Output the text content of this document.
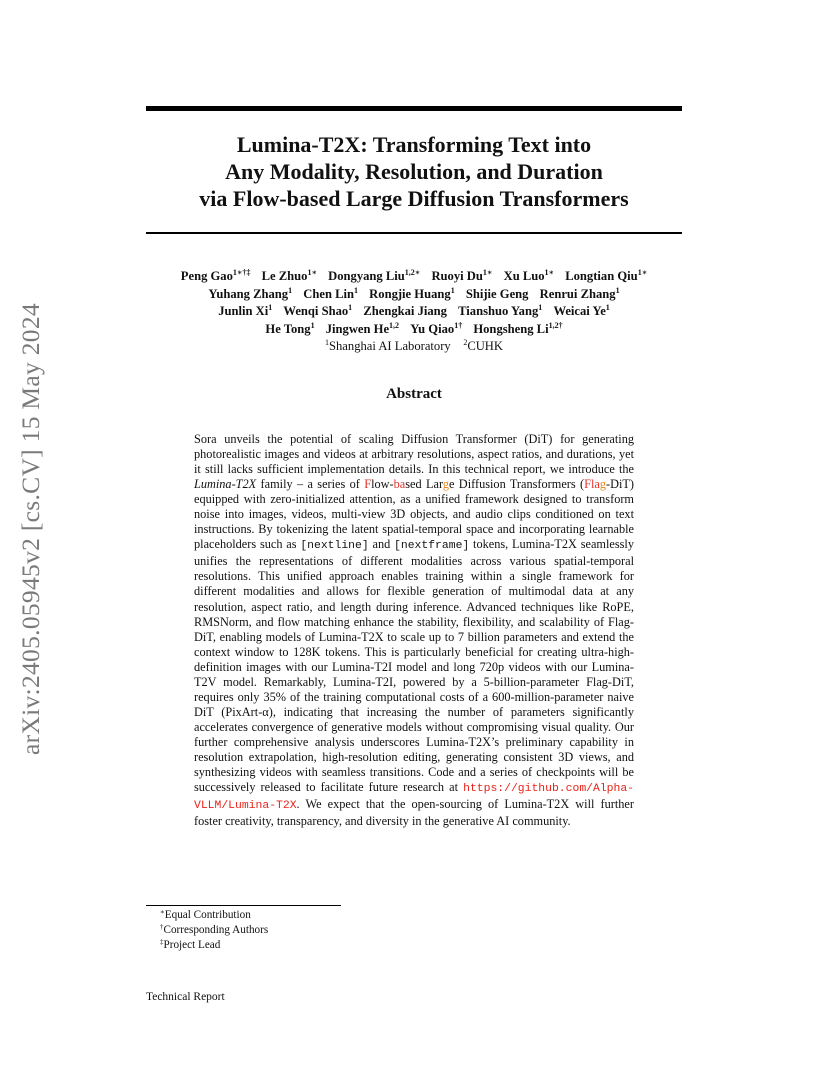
arXiv:2405.05945v2 [cs.CV] 15 May 2024
Lumina-T2X: Transforming Text into
Any Modality, Resolution, and Duration
via Flow-based Large Diffusion Transformers
Peng Gao$^{1∗\dagger\ddagger}$ Le Zhuo$^{1∗}$ Dongyang Liu$^{1,2∗}$ Ruoyi $Du^{1∗}$ Xu Luo$^{1∗}$ Longtian Qiu$^{1∗}$
Yuhang Zhang$^1$ Chen Lin$^1$ Rongjie Huang$^1$ Shijie Geng Renrui Zhang$^1$
Junlin Xi$^1$ Wenqi Shao$^1$ Zhengkai Jiang Tianshuo Yang$^1$ Weicai Ye$^1$
He Tong$^1$ Jingwen He$^{1,2}$ Yu Qiao$^{1\dagger}$ Hongsheng $Li^{1,2\dagger}$
$^1$Shanghai AI Laboratory $^2$CUHK
Abstract
Sora unveils the potential of scaling Diffusion Transformer (DiT) for generating photorealistic images and videos at arbitrary resolutions, aspect ratios, and durations, yet it still lacks sufficient implementation details. In this technical report, we introduce the Lumina-T2X family – a series of Flow-based Large Diffusion Transformers (Flag-DiT) equipped with zero-initialized attention, as a unified framework designed to transform noise into images, videos, multi-view 3D objects, and audio clips conditioned on text instructions. By tokenizing the latent spatial-temporal space and incorporating learnable placeholders such as [nextline] and [nextframe] tokens, Lumina-T2X seamlessly unifies the representations of different modalities across various spatial-temporal resolutions. This unified approach enables training within a single framework for different modalities and allows for flexible generation of multimodal data at any resolution, aspect ratio, and length during inference. Advanced techniques like RoPE, RMSNorm, and flow matching enhance the stability, flexibility, and scalability of Flag-DiT, enabling models of Lumina-T2X to scale up to 7 billion parameters and extend the context window to 128K tokens. This is particularly beneficial for creating ultra-high-definition images with our Lumina-T2I model and long 720p videos with our Lumina-T2V model. Remarkably, Lumina-T2I, powered by a 5-billion-parameter Flag-DiT, requires only 35% of the training computational costs of a 600-million-parameter naive DiT (PixArt-α), indicating that increasing the number of parameters significantly accelerates convergence of generative models without compromising visual quality. Our further comprehensive analysis underscores Lumina-T2X’s preliminary capability in resolution extrapolation, high-resolution editing, generating consistent 3D views, and synthesizing videos with seamless transitions. Code and a series of checkpoints will be successively released to facilitate future research at https://github.com/Alpha-VLLM/Lumina-T2X. We expect that the open-sourcing of Lumina-T2X will further foster creativity, transparency, and diversity in the generative AI community.
∗Equal Contribution
†Corresponding Authors
‡Project Lead
Technical Report
